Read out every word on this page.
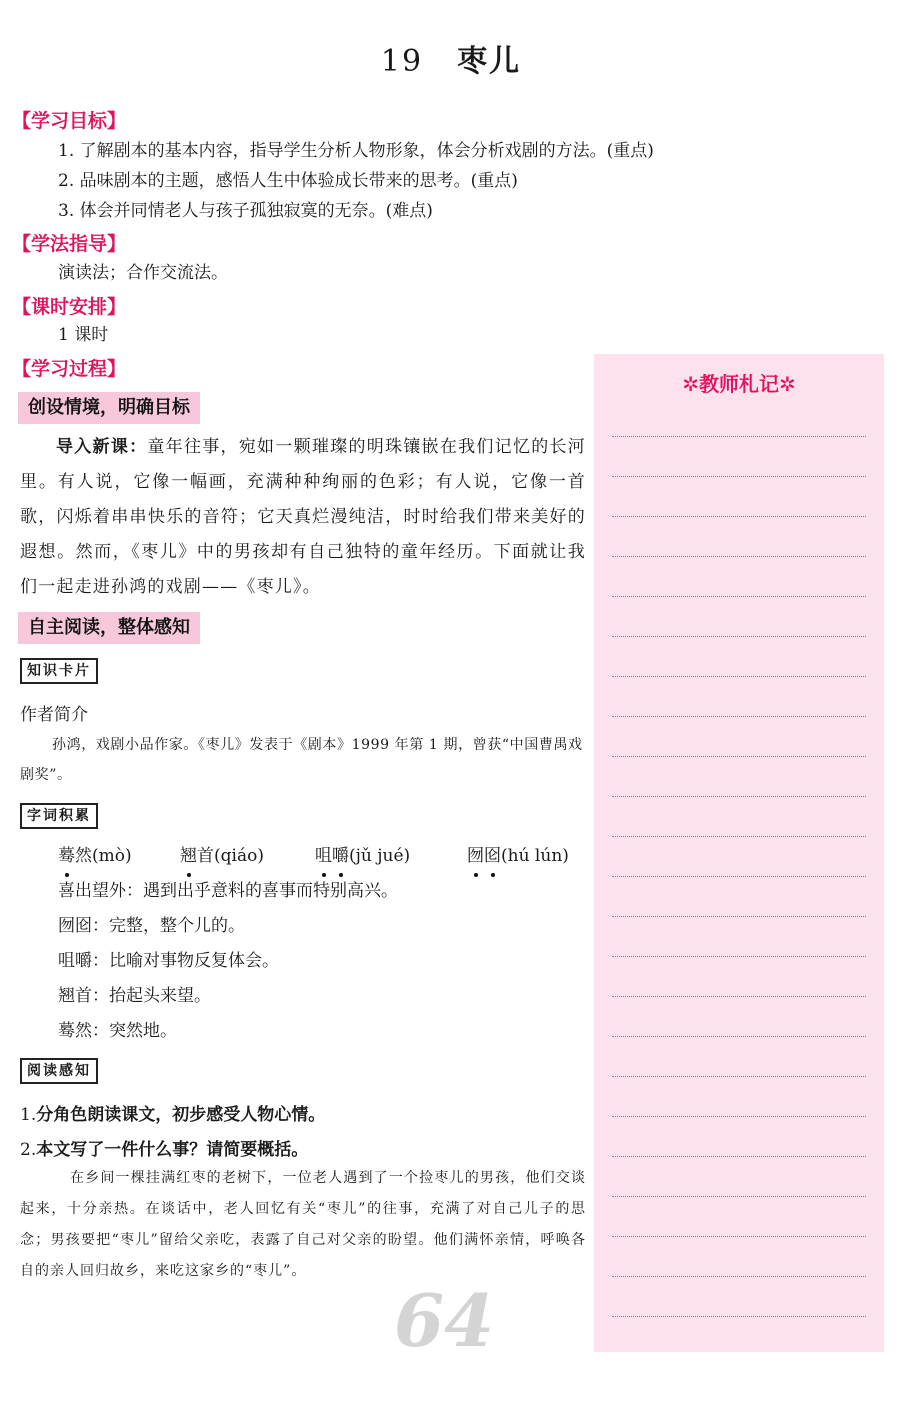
19 枣儿
【学习目标】
1. 了解剧本的基本内容，指导学生分析人物形象，体会分析戏剧的方法。(重点)
2. 品味剧本的主题，感悟人生中体验成长带来的思考。(重点)
3. 体会并同情老人与孩子孤独寂寞的无奈。(难点)
【学法指导】
演读法；合作交流法。
【课时安排】
1 课时
【学习过程】
创设情境，明确目标
导入新课：童年往事，宛如一颗璀璨的明珠镶嵌在我们记忆的长河里。有人说，它像一幅画，充满种种绚丽的色彩；有人说，它像一首歌，闪烁着串串快乐的音符；它天真烂漫纯洁，时时给我们带来美好的遐想。然而，《枣儿》中的男孩却有自己独特的童年经历。下面就让我们一起走进孙鸿的戏剧——《枣儿》。
自主阅读，整体感知
知识卡片
作者简介
孙鸿，戏剧小品作家。《枣儿》发表于《剧本》1999 年第 1 期，曾获“中国曹禺戏剧奖”。
字词积累
蓦然(mò)	翘首(qiáo)	咀嚼(jǔ jué)	囫囵(hú lún)
喜出望外：遇到出乎意料的喜事而特别高兴。
囫囵：完整，整个儿的。
咀嚼：比喻对事物反复体会。
翘首：抬起头来望。
蓦然：突然地。
阅读感知
1.分角色朗读课文，初步感受人物心情。
2.本文写了一件什么事？请简要概括。
在乡间一棵挂满红枣的老树下，一位老人遇到了一个捡枣儿的男孩，他们交谈起来，十分亲热。在谈话中，老人回忆有关“枣儿”的往事，充满了对自己儿子的思念；男孩要把“枣儿”留给父亲吃，表露了自己对父亲的盼望。他们满怀亲情，呼唤各自的亲人回归故乡，来吃这家乡的“枣儿”。
✲教师札记✲
64
